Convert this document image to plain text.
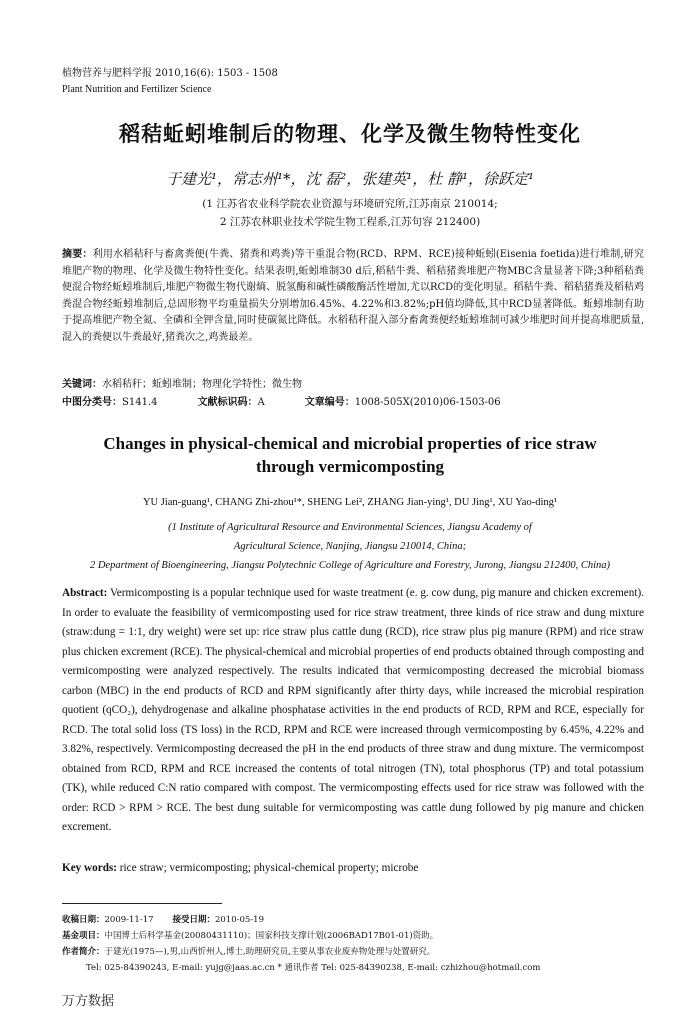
植物营养与肥料学报 2010,16(6): 1503 - 1508
Plant Nutrition and Fertilizer Science
稻秸蚯蚓堆制后的物理、化学及微生物特性变化
于建光¹，常志州¹*，沈 磊²，张建英¹，杜 静¹，徐跃定¹
(1 江苏省农业科学院农业资源与环境研究所,江苏南京 210014;
2 江苏农林职业技术学院生物工程系,江苏句容 212400)
摘要：利用水稻秸秆与畜禽粪便(牛粪、猪粪和鸡粪)等干重混合物(RCD、RPM、RCE)接种蚯蚓(Eisenia foetida)进行堆制,研究堆肥产物的物理、化学及微生物特性变化。结果表明,蚯蚓堆制30 d后,稻秸牛粪、稻秸猪粪堆肥产物MBC含量显著下降;3种稻秸粪便混合物经蚯蚓堆制后,堆肥产物微生物代谢熵、脱氢酶和碱性磷酸酶活性增加,尤以RCD的变化明显。稻秸牛粪、稻秸猪粪及稻秸鸡粪混合物经蚯蚓堆制后,总固形物平均重量损失分别增加6.45%、4.22%和3.82%;pH值均降低,其中RCD显著降低。蚯蚓堆制有助于提高堆肥产物全氮、全磷和全钾含量,同时使碳氮比降低。水稻秸秆混入部分畜禽粪便经蚯蚓堆制可减少堆肥时间并提高堆肥质量,混入的粪便以牛粪最好,猪粪次之,鸡粪最差。
关键词：水稻秸秆；蚯蚓堆制；物理化学特性；微生物
中图分类号：S141.4	文献标识码：A	文章编号：1008-505X(2010)06-1503-06
Changes in physical-chemical and microbial properties of rice straw
through vermicomposting
YU Jian-guang¹, CHANG Zhi-zhou¹*, SHENG Lei², ZHANG Jian-ying¹, DU Jing¹, XU Yao-ding¹
(1 Institute of Agricultural Resource and Environmental Sciences, Jiangsu Academy of
Agricultural Science, Nanjing, Jiangsu 210014, China;
2 Department of Bioengineering, Jiangsu Polytechnic College of Agriculture and Forestry, Jurong, Jiangsu 212400, China)
Abstract: Vermicomposting is a popular technique used for waste treatment (e. g. cow dung, pig manure and chicken excrement). In order to evaluate the feasibility of vermicomposting used for rice straw treatment, three kinds of rice straw and dung mixture (straw:dung = 1:1, dry weight) were set up: rice straw plus cattle dung (RCD), rice straw plus pig manure (RPM) and rice straw plus chicken excrement (RCE). The physical-chemical and microbial properties of end products obtained through composting and vermicomposting were analyzed respectively. The results indicated that vermicomposting decreased the microbial biomass carbon (MBC) in the end products of RCD and RPM significantly after thirty days, while increased the microbial respiration quotient (qCO₂), dehydrogenase and alkaline phosphatase activities in the end products of RCD, RPM and RCE, especially for RCD. The total solid loss (TS loss) in the RCD, RPM and RCE were increased through vermicomposting by 6.45%, 4.22% and 3.82%, respectively. Vermicomposting decreased the pH in the end products of three straw and dung mixture. The vermicompost obtained from RCD, RPM and RCE increased the contents of total nitrogen (TN), total phosphorus (TP) and total potassium (TK), while reduced C:N ratio compared with compost. The vermicomposting effects used for rice straw was followed with the order: RCD > RPM > RCE. The best dung suitable for vermicomposting was cattle dung followed by pig manure and chicken excrement.
Key words: rice straw; vermicomposting; physical-chemical property; microbe
收稿日期：2009-11-17 接受日期：2010-05-19
基金项目：中国博士后科学基金(20080431110)；国家科技支撑计划(2006BAD17B01-01)资助。
作者简介：于建光(1975—),男,山西忻州人,博士,助理研究员,主要从事农业废弃物处理与处置研究。
Tel: 025-84390243, E-mail: yujg@jaas.ac.cn * 通讯作者 Tel: 025-84390238, E-mail: czhizhou@hotmail.com
万方数据
